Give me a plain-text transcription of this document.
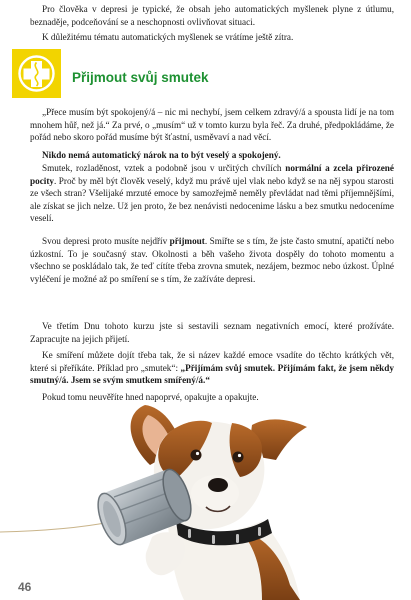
Pro člověka v depresi je typické, že obsah jeho automatických myšlenek plyne z útlumu, beznaděje, podceňování se a neschopnosti ovlivňovat situaci.

K důležitému tématu automatických myšlenek se vrátíme ještě zítra.

Přijmout svůj smutek

„Přece musím být spokojený/á – nic mi nechybí, jsem celkem zdravý/á a spousta lidí je na tom mnohem hůř, než já.“ Za prvé, o „musím“ už v tomto kurzu byla řeč. Za druhé, předpokládáme, že pořád nebo skoro pořád musíme být šťastní, usměvaví a nad věcí.

Nikdo nemá automatický nárok na to být veselý a spokojený.

Smutek, rozladěnost, vztek a podobně jsou v určitých chvílích normální a zcela přirozené pocity. Proč by měl být člověk veselý, když mu právě ujel vlak nebo když se na něj sypou starosti ze všech stran? Všelijaké mrzuté emoce by samozřejmě neměly převládat nad těmi příjemnějšími, ale získat se jich nelze. Už jen proto, že bez nenávisti nedocenime lásku a bez smutku nedoceníme veselí.

Svou depresi proto musíte nejdřív přijmout. Smiřte se s tím, že jste často smutní, apatičtí nebo úzkostní. To je současný stav. Okolnosti a běh vašeho života dospěly do tohoto momentu a všechno se poskládalo tak, že teď cítíte třeba zrovna smutek, nezájem, bezmoc nebo úzkost. Úplné vyléčení je možné až po smíření se s tím, že zažíváte depresi.

Ve třetím Dnu tohoto kurzu jste si sestavili seznam negativních emocí, které prožíváte. Zapracujte na jejich přijetí.

Ke smíření můžete dojít třeba tak, že si název každé emoce vsadíte do těchto krátkých vět, které si přeříkáte. Příklad pro „smutek“: „Přijímám svůj smutek. Přijímám fakt, že jsem někdy smutný/á. Jsem se svým smutkem smířený/á.“

Pokud tomu neuvěříte hned napoprvé, opakujte a opakujte.

46
